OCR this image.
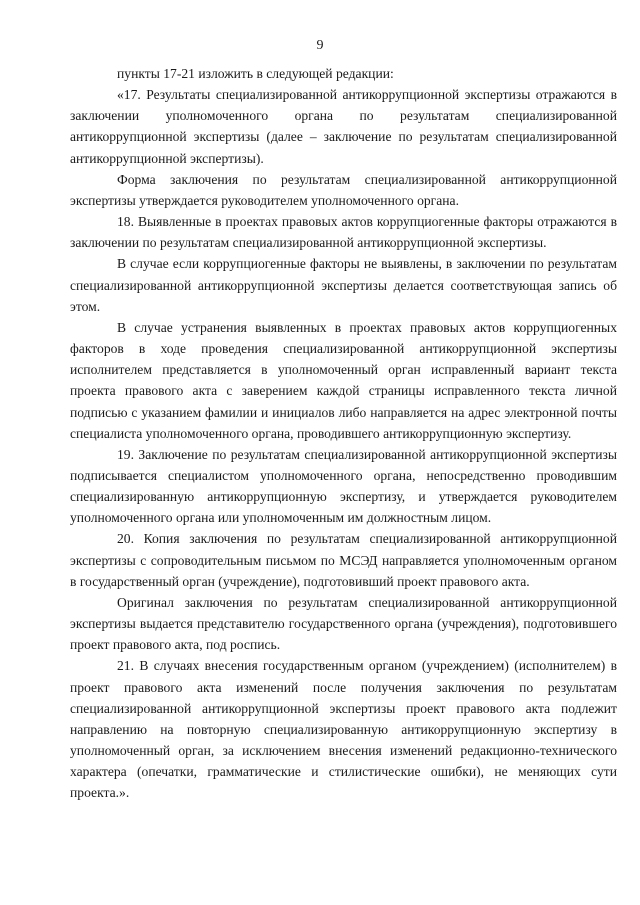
9

пункты 17-21 изложить в следующей редакции:

«17. Результаты специализированной антикоррупционной экспертизы отражаются в заключении уполномоченного органа по результатам специализированной антикоррупционной экспертизы (далее – заключение по результатам специализированной антикоррупционной экспертизы).

Форма заключения по результатам специализированной антикоррупционной экспертизы утверждается руководителем уполномоченного органа.

18. Выявленные в проектах правовых актов коррупциогенные факторы отражаются в заключении по результатам специализированной антикоррупционной экспертизы.

В случае если коррупциогенные факторы не выявлены, в заключении по результатам специализированной антикоррупционной экспертизы делается соответствующая запись об этом.

В случае устранения выявленных в проектах правовых актов коррупциогенных факторов в ходе проведения специализированной антикоррупционной экспертизы исполнителем представляется в уполномоченный орган исправленный вариант текста проекта правового акта с заверением каждой страницы исправленного текста личной подписью с указанием фамилии и инициалов либо направляется на адрес электронной почты специалиста уполномоченного органа, проводившего антикоррупционную экспертизу.

19. Заключение по результатам специализированной антикоррупционной экспертизы подписывается специалистом уполномоченного органа, непосредственно проводившим специализированную антикоррупционную экспертизу, и утверждается руководителем уполномоченного органа или уполномоченным им должностным лицом.

20. Копия заключения по результатам специализированной антикоррупционной экспертизы с сопроводительным письмом по МСЭД направляется уполномоченным органом в государственный орган (учреждение), подготовивший проект правового акта.

Оригинал заключения по результатам специализированной антикоррупционной экспертизы выдается представителю государственного органа (учреждения), подготовившего проект правового акта, под роспись.

21. В случаях внесения государственным органом (учреждением) (исполнителем) в проект правового акта изменений после получения заключения по результатам специализированной антикоррупционной экспертизы проект правового акта подлежит направлению на повторную специализированную антикоррупционную экспертизу в уполномоченный орган, за исключением внесения изменений редакционно-технического характера (опечатки, грамматические и стилистические ошибки), не меняющих сути проекта.».
